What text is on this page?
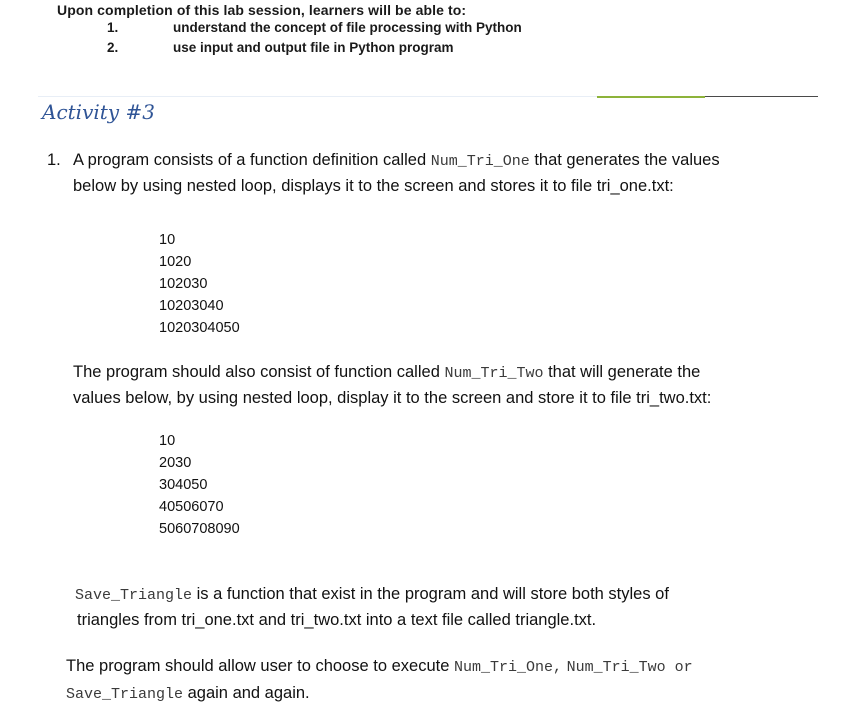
Upon completion of this lab session, learners will be able to:
1.	understand the concept of file processing with Python
2.	use input and output file in Python program
Activity #3
1. A program consists of a function definition called Num_Tri_One that generates the values
below by using nested loop, displays it to the screen and stores it to file tri_one.txt:
10
1020
102030
10203040
1020304050
The program should also consist of function called Num_Tri_Two that will generate the
values below, by using nested loop, display it to the screen and store it to file tri_two.txt:
10
2030
304050
40506070
5060708090
Save_Triangle is a function that exist in the program and will store both styles of
triangles from tri_one.txt and tri_two.txt into a text file called triangle.txt.
The program should allow user to choose to execute Num_Tri_One, Num_Tri_Two or
Save_Triangle again and again.
